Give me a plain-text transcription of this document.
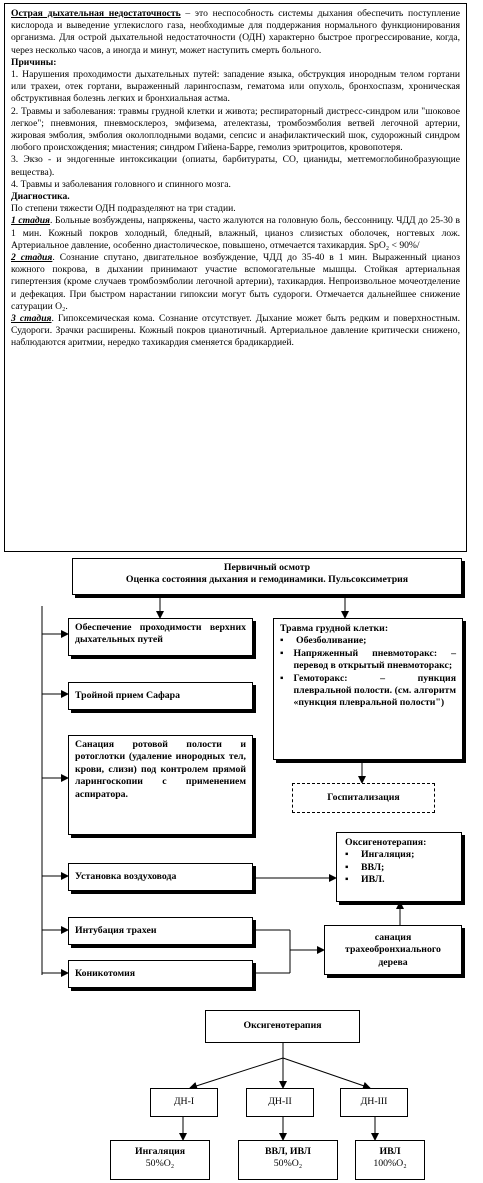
Острая дыхательная недостаточность – это неспособность системы дыхания обеспечить поступление кислорода и выведение углекислого газа, необходимые для поддержания нормального функционирования организма. Для острой дыхательной недостаточности (ОДН) характерно быстрое прогрессирование, когда, через несколько часов, а иногда и минут, может наступить смерть больного.

Причины:

1. Нарушения проходимости дыхательных путей: западение языка, обструкция инородным телом гортани или трахеи, отек гортани, выраженный ларингоспазм, гематома или опухоль, бронхоспазм, хроническая обструктивная болезнь легких и бронхиальная астма.

2. Травмы и заболевания: травмы грудной клетки и живота; респираторный дистресс-синдром или "шоковое легкое"; пневмония, пневмосклероз, эмфизема, ателектазы, тромбоэмболия ветвей легочной артерии, жировая эмболия, эмболия околоплодными водами, сепсис и анафилактический шок, судорожный синдром любого происхождения; миастения; синдром Гийена-Барре, гемолиз эритроцитов, кровопотеря.

3. Экзо - и эндогенные интоксикации (опиаты, барбитураты, CO, цианиды, метгемоглобинобразующие вещества).

4. Травмы и заболевания головного и спинного мозга.

Диагностика.

По степени тяжести ОДН подразделяют на три стадии.

1 стадия. Больные возбуждены, напряжены, часто жалуются на головную боль, бессонницу. ЧДД до 25-30 в 1 мин. Кожный покров холодный, бледный, влажный, цианоз слизистых оболочек, ногтевых лож. Артериальное давление, особенно диастолическое, повышено, отмечается тахикардия. SpO₂ < 90%/

2 стадия. Сознание спутано, двигательное возбуждение, ЧДД до 35-40 в 1 мин. Выраженный цианоз кожного покрова, в дыхании принимают участие вспомогательные мышцы. Стойкая артериальная гипертензия (кроме случаев тромбоэмболии легочной артерии), тахикардия. Непроизвольное мочеотделение и дефекация. При быстром нарастании гипоксии могут быть судороги. Отмечается дальнейшее снижение сатурации O₂.

3 стадия. Гипоксемическая кома. Сознание отсутствует. Дыхание может быть редким и поверхностным. Судороги. Зрачки расширены. Кожный покров цианотичный. Артериальное давление критически снижено, наблюдаются аритмии, нередко тахикардия сменяется брадикардией.

Первичный осмотр
Оценка состояния дыхания и гемодинамики. Пульсоксиметрия
Обеспечение проходимости верхних дыхательных путей
Тройной прием Сафара
Санация ротовой полости и ротоглотки (удаление инородных тел, крови, слизи) под контролем прямой ларингоскопии с применением аспиратора.
Установка воздуховода
Интубация трахеи
Коникотомия
Травма грудной клетки:
▪ Обезболивание;
▪ Напряженный пневмоторакс: – перевод в открытый пневмоторакс;
▪ Гемоторакс: – пункция плевральной полости. (см. алгоритм «пункция плевральной полости")
Госпитализация
Оксигенотерапия:
▪ Ингаляция;
▪ ВВЛ;
▪ ИВЛ.
санация трахеобронхиального дерева
Оксигенотерапия
ДН-I	ДН-II	ДН-III
Ингаляция
50%O₂
ВВЛ, ИВЛ
50%O₂
ИВЛ
100%O₂
